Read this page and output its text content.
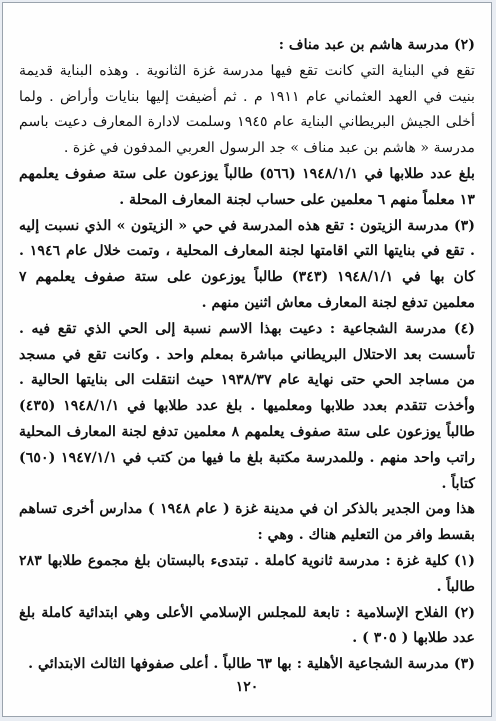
(٢) مدرسة هاشم بن عبد مناف :

تقع في البناية التي كانت تقع فيها مدرسة غزة الثانوية . وهذه البناية قديمة بنيت في العهد العثماني عام ١٩١١ م . ثم أضيفت إليها بنايات وأراض . ولما أخلى الجيش البريطاني البناية عام ١٩٤٥ وسلمت لادارة المعارف دعيت باسم مدرسة « هاشم بن عبد مناف » جد الرسول العربي المدفون في غزة .

بلغ عدد طلابها في ١٩٤٨/١/١ (٥٦٦) طالباً يوزعون على ستة صفوف يعلمهم ١٣ معلماً منهم ٦ معلمين على حساب لجنة المعارف المحلة .

(٣) مدرسة الزيتون : تقع هذه المدرسة في حي « الزيتون » الذي نسبت إليه . تقع في بنايتها التي اقامتها لجنة المعارف المحلية ، وتمت خلال عام ١٩٤٦ . كان بها في ١٩٤٨/١/١ (٣٤٣) طالباً يوزعون على ستة صفوف يعلمهم ٧ معلمين تدفع لجنة المعارف معاش اثنين منهم .

(٤) مدرسة الشجاعية : دعيت بهذا الاسم نسبة إلى الحي الذي تقع فيه . تأسست بعد الاحتلال البريطاني مباشرة بمعلم واحد . وكانت تقع في مسجد من مساجد الحي حتى نهاية عام ١٩٣٨/٣٧ حيث انتقلت الى بنايتها الحالية . وأخذت تتقدم بعدد طلابها ومعلميها . بلغ عدد طلابها في ١٩٤٨/١/١ (٤٣٥) طالباً يوزعون على ستة صفوف يعلمهم ٨ معلمين تدفع لجنة المعارف المحلية راتب واحد منهم . وللمدرسة مكتبة بلغ ما فيها من كتب في ١٩٤٧/١/١ (٦٥٠) كتاباً .

هذا ومن الجدير بالذكر ان في مدينة غزة ( عام ١٩٤٨ ) مدارس أخرى تساهم بقسط وافر من التعليم هناك . وهي :

(١) كلية غزة : مدرسة ثانوية كاملة . تبتدىء بالبستان بلغ مجموع طلابها ٢٨٣ طالباً .

(٢) الفلاح الإسلامية : تابعة للمجلس الإسلامي الأعلى وهي ابتدائية كاملة بلغ عدد طلابها ( ٣٠٥ ) .

(٣) مدرسة الشجاعية الأهلية : بها ٦٣ طالباً . أعلى صفوفها الثالث الابتدائي .

١٢٠
